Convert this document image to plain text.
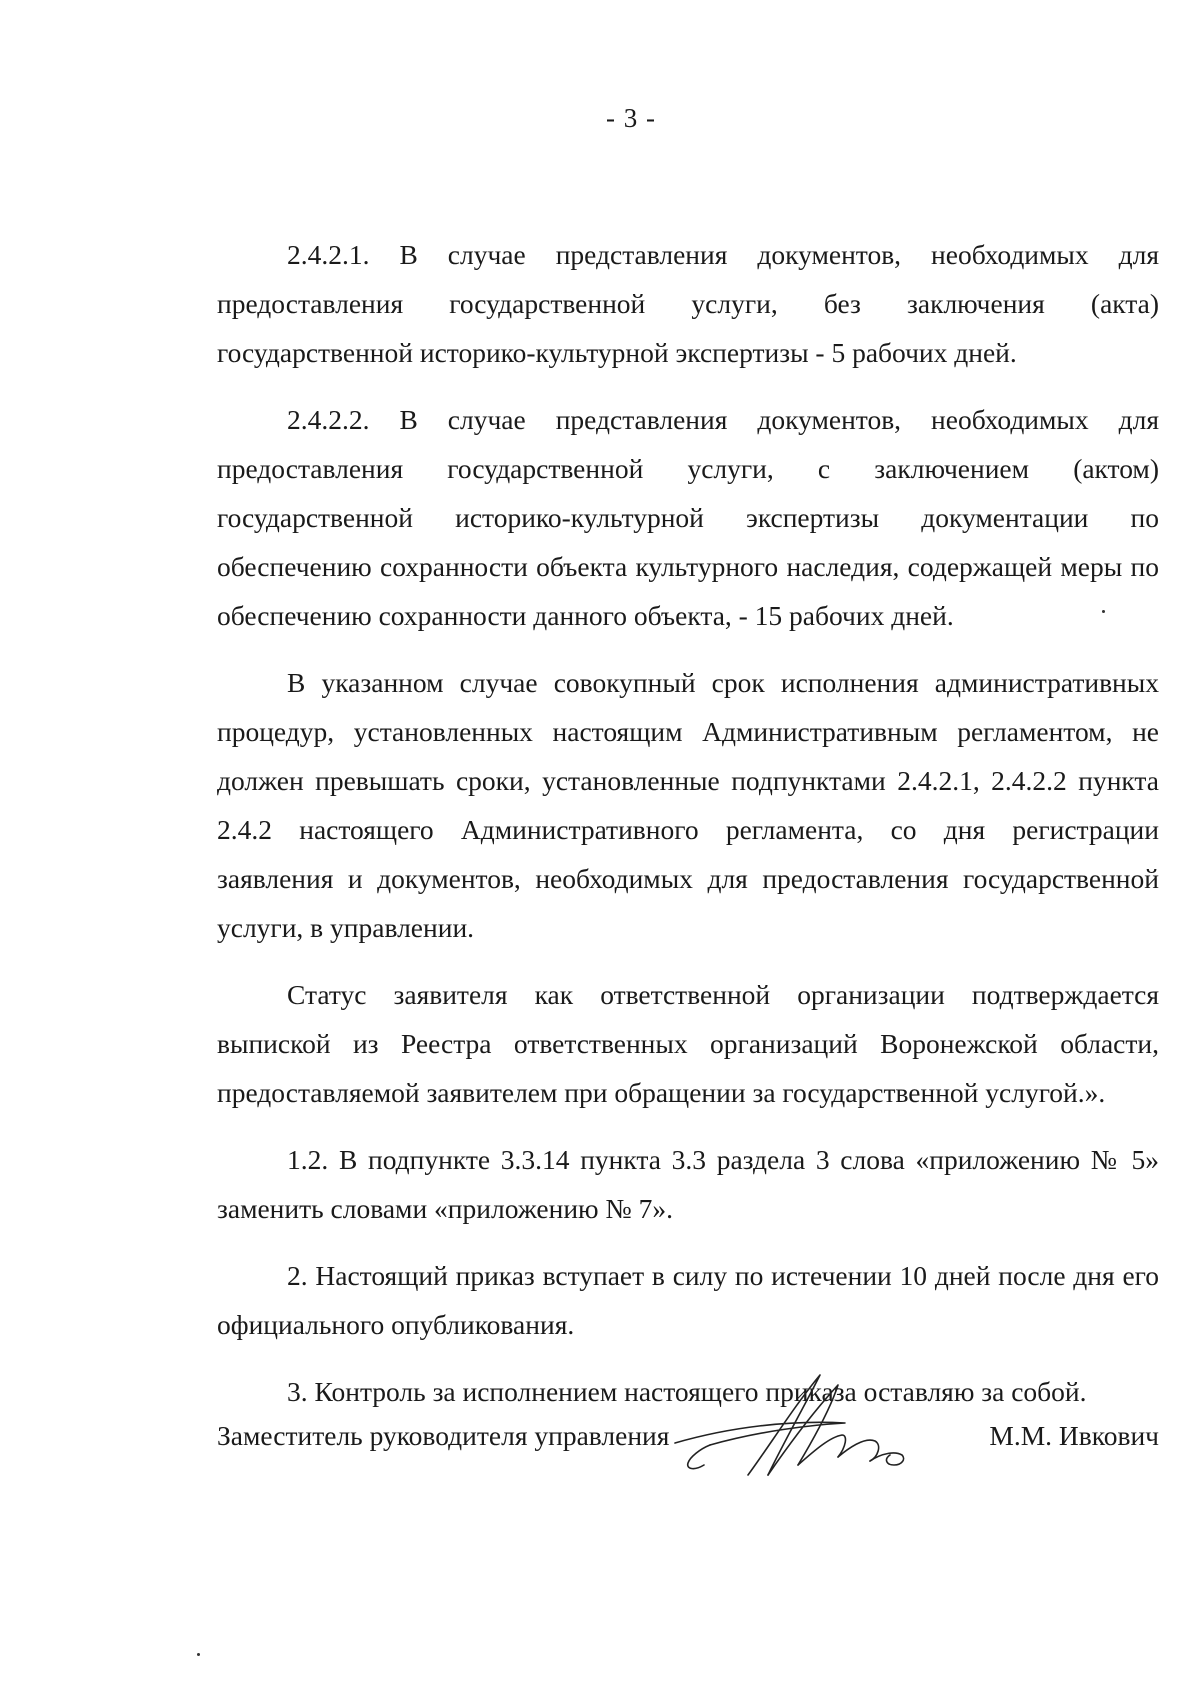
- 3 -

2.4.2.1. В случае представления документов, необходимых для предоставления государственной услуги, без заключения (акта) государственной историко-культурной экспертизы - 5 рабочих дней.

2.4.2.2. В случае представления документов, необходимых для предоставления государственной услуги, с заключением (актом) государственной историко-культурной экспертизы документации по обеспечению сохранности объекта культурного наследия, содержащей меры по обеспечению сохранности данного объекта, - 15 рабочих дней.

В указанном случае совокупный срок исполнения административных процедур, установленных настоящим Административным регламентом, не должен превышать сроки, установленные подпунктами 2.4.2.1, 2.4.2.2 пункта 2.4.2 настоящего Административного регламента, со дня регистрации заявления и документов, необходимых для предоставления государственной услуги, в управлении.

Статус заявителя как ответственной организации подтверждается выпиской из Реестра ответственных организаций Воронежской области, предоставляемой заявителем при обращении за государственной услугой.».

1.2. В подпункте 3.3.14 пункта 3.3 раздела 3 слова «приложению № 5» заменить словами «приложению № 7».

2. Настоящий приказ вступает в силу по истечении 10 дней после дня его официального опубликования.

3. Контроль за исполнением настоящего приказа оставляю за собой.

Заместитель руководителя управления	М.М. Ивкович
